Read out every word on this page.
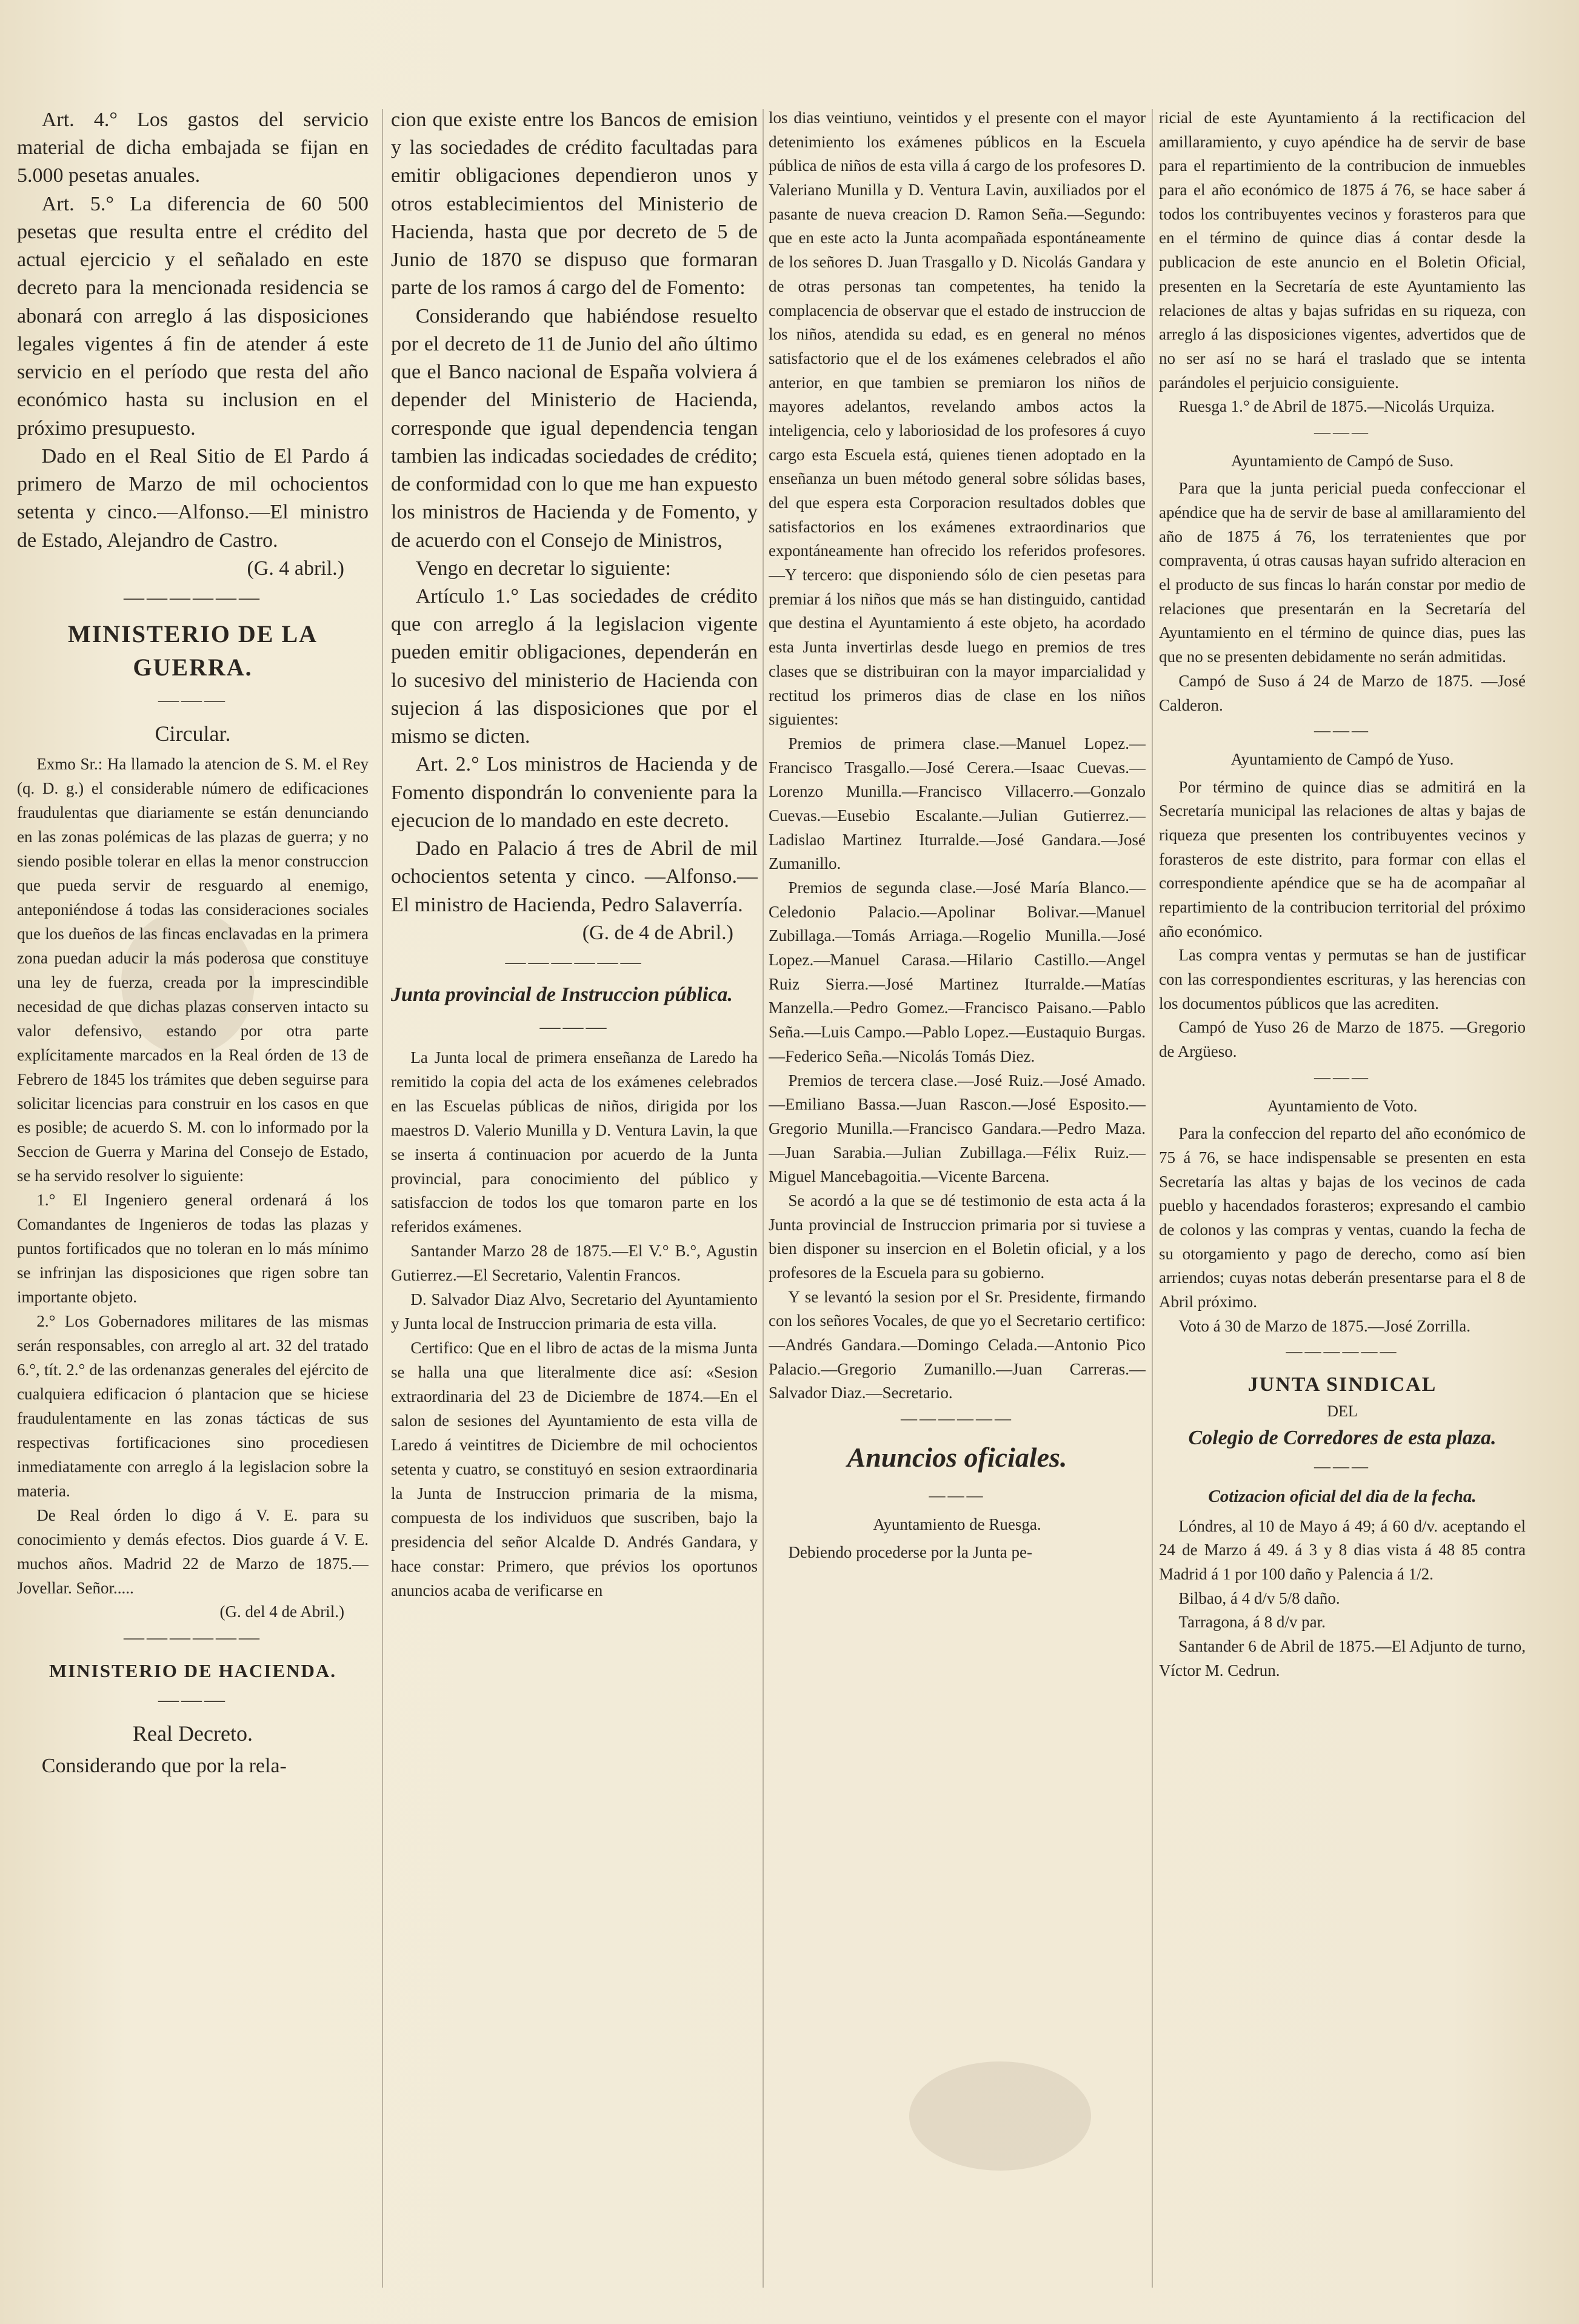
Art. 4.° Los gastos del servicio material de dicha embajada se fijan en 5.000 pesetas anuales.

Art. 5.° La diferencia de 60 500 pesetas que resulta entre el crédito del actual ejercicio y el señalado en este decreto para la mencionada residencia se abonará con arreglo á las disposiciones legales vigentes á fin de atender á este servicio en el período que resta del año económico hasta su inclusion en el próximo presupuesto.

Dado en el Real Sitio de El Pardo á primero de Marzo de mil ochocientos setenta y cinco.—Alfonso.—El ministro de Estado, Alejandro de Castro.

(G. 4 abril.)

——————
MINISTERIO DE LA GUERRA.
———
Circular.

Exmo Sr.: Ha llamado la atencion de S. M. el Rey (q. D. g.) el considerable número de edificaciones fraudulentas que diariamente se están denunciando en las zonas polémicas de las plazas de guerra; y no siendo posible tolerar en ellas la menor construccion que pueda servir de resguardo al enemigo, anteponiéndose á todas las consideraciones sociales que los dueños de las fincas enclavadas en la primera zona puedan aducir la más poderosa que constituye una ley de fuerza, creada por la imprescindible necesidad de que dichas plazas conserven intacto su valor defensivo, estando por otra parte explícitamente marcados en la Real órden de 13 de Febrero de 1845 los trámites que deben seguirse para solicitar licencias para construir en los casos en que es posible; de acuerdo S. M. con lo informado por la Seccion de Guerra y Marina del Consejo de Estado, se ha servido resolver lo siguiente:

1.° El Ingeniero general ordenará á los Comandantes de Ingenieros de todas las plazas y puntos fortificados que no toleran en lo más mínimo se infrinjan las disposiciones que rigen sobre tan importante objeto.

2.° Los Gobernadores militares de las mismas serán responsables, con arreglo al art. 32 del tratado 6.°, tít. 2.° de las ordenanzas generales del ejército de cualquiera edificacion ó plantacion que se hiciese fraudulentamente en las zonas tácticas de sus respectivas fortificaciones sino procediesen inmediatamente con arreglo á la legislacion sobre la materia.

De Real órden lo digo á V. E. para su conocimiento y demás efectos. Dios guarde á V. E. muchos años. Madrid 22 de Marzo de 1875.—Jovellar. Señor.....

(G. del 4 de Abril.)

——————
MINISTERIO DE HACIENDA.
———
Real Decreto.

Considerando que por la rela-

cion que existe entre los Bancos de emision y las sociedades de crédito facultadas para emitir obligaciones dependieron unos y otros establecimientos del Ministerio de Hacienda, hasta que por decreto de 5 de Junio de 1870 se dispuso que formaran parte de los ramos á cargo del de Fomento:

Considerando que habiéndose resuelto por el decreto de 11 de Junio del año último que el Banco nacional de España volviera á depender del Ministerio de Hacienda, corresponde que igual dependencia tengan tambien las indicadas sociedades de crédito; de conformidad con lo que me han expuesto los ministros de Hacienda y de Fomento, y de acuerdo con el Consejo de Ministros,

Vengo en decretar lo siguiente:

Artículo 1.° Las sociedades de crédito que con arreglo á la legislacion vigente pueden emitir obligaciones, dependerán en lo sucesivo del ministerio de Hacienda con sujecion á las disposiciones que por el mismo se dicten.

Art. 2.° Los ministros de Hacienda y de Fomento dispondrán lo conveniente para la ejecucion de lo mandado en este decreto.

Dado en Palacio á tres de Abril de mil ochocientos setenta y cinco. —Alfonso.—El ministro de Hacienda, Pedro Salaverría.

(G. de 4 de Abril.)

——————
Junta provincial de Instruccion pública.
———

La Junta local de primera enseñanza de Laredo ha remitido la copia del acta de los exámenes celebrados en las Escuelas públicas de niños, dirigida por los maestros D. Valerio Munilla y D. Ventura Lavin, la que se inserta á continuacion por acuerdo de la Junta provincial, para conocimiento del público y satisfaccion de todos los que tomaron parte en los referidos exámenes.

Santander Marzo 28 de 1875.—El V.° B.°, Agustin Gutierrez.—El Secretario, Valentin Francos.

D. Salvador Diaz Alvo, Secretario del Ayuntamiento y Junta local de Instruccion primaria de esta villa.

Certifico: Que en el libro de actas de la misma Junta se halla una que literalmente dice así: «Sesion extraordinaria del 23 de Diciembre de 1874.—En el salon de sesiones del Ayuntamiento de esta villa de Laredo á veintitres de Diciembre de mil ochocientos setenta y cuatro, se constituyó en sesion extraordinaria la Junta de Instruccion primaria de la misma, compuesta de los individuos que suscriben, bajo la presidencia del señor Alcalde D. Andrés Gandara, y hace constar: Primero, que prévios los oportunos anuncios acaba de verificarse en

los dias veintiuno, veintidos y el presente con el mayor detenimiento los exámenes públicos en la Escuela pública de niños de esta villa á cargo de los profesores D. Valeriano Munilla y D. Ventura Lavin, auxiliados por el pasante de nueva creacion D. Ramon Seña.—Segundo: que en este acto la Junta acompañada espontáneamente de los señores D. Juan Trasgallo y D. Nicolás Gandara y de otras personas tan competentes, ha tenido la complacencia de observar que el estado de instruccion de los niños, atendida su edad, es en general no ménos satisfactorio que el de los exámenes celebrados el año anterior, en que tambien se premiaron los niños de mayores adelantos, revelando ambos actos la inteligencia, celo y laboriosidad de los profesores á cuyo cargo esta Escuela está, quienes tienen adoptado en la enseñanza un buen método general sobre sólidas bases, del que espera esta Corporacion resultados dobles que satisfactorios en los exámenes extraordinarios que expontáneamente han ofrecido los referidos profesores.—Y tercero: que disponiendo sólo de cien pesetas para premiar á los niños que más se han distinguido, cantidad que destina el Ayuntamiento á este objeto, ha acordado esta Junta invertirlas desde luego en premios de tres clases que se distribuiran con la mayor imparcialidad y rectitud los primeros dias de clase en los niños siguientes:

Premios de primera clase.—Manuel Lopez.—Francisco Trasgallo.—José Cerera.—Isaac Cuevas.—Lorenzo Munilla.—Francisco Villacerro.—Gonzalo Cuevas.—Eusebio Escalante.—Julian Gutierrez.—Ladislao Martinez Iturralde.—José Gandara.—José Zumanillo.

Premios de segunda clase.—José María Blanco.—Celedonio Palacio.—Apolinar Bolivar.—Manuel Zubillaga.—Tomás Arriaga.—Rogelio Munilla.—José Lopez.—Manuel Carasa.—Hilario Castillo.—Angel Ruiz Sierra.—José Martinez Iturralde.—Matías Manzella.—Pedro Gomez.—Francisco Paisano.—Pablo Seña.—Luis Campo.—Pablo Lopez.—Eustaquio Burgas.—Federico Seña.—Nicolás Tomás Diez.

Premios de tercera clase.—José Ruiz.—José Amado.—Emiliano Bassa.—Juan Rascon.—José Esposito.—Gregorio Munilla.—Francisco Gandara.—Pedro Maza.—Juan Sarabia.—Julian Zubillaga.—Félix Ruiz.—Miguel Mancebagoitia.—Vicente Barcena.

Se acordó a la que se dé testimonio de esta acta á la Junta provincial de Instruccion primaria por si tuviese a bien disponer su insercion en el Boletin oficial, y a los profesores de la Escuela para su gobierno.

Y se levantó la sesion por el Sr. Presidente, firmando con los señores Vocales, de que yo el Secretario certifico:—Andrés Gandara.—Domingo Celada.—Antonio Pico Palacio.—Gregorio Zumanillo.—Juan Carreras.—Salvador Diaz.—Secretario.

——————
Anuncios oficiales.
———
Ayuntamiento de Ruesga.

Debiendo procederse por la Junta pe-

ricial de este Ayuntamiento á la rectificacion del amillaramiento, y cuyo apéndice ha de servir de base para el repartimiento de la contribucion de inmuebles para el año económico de 1875 á 76, se hace saber á todos los contribuyentes vecinos y forasteros para que en el término de quince dias á contar desde la publicacion de este anuncio en el Boletin Oficial, presenten en la Secretaría de este Ayuntamiento las relaciones de altas y bajas sufridas en su riqueza, con arreglo á las disposiciones vigentes, advertidos que de no ser así no se hará el traslado que se intenta parándoles el perjuicio consiguiente.

Ruesga 1.° de Abril de 1875.—Nicolás Urquiza.

———
Ayuntamiento de Campó de Suso.

Para que la junta pericial pueda confeccionar el apéndice que ha de servir de base al amillaramiento del año de 1875 á 76, los terratenientes que por compraventa, ú otras causas hayan sufrido alteracion en el producto de sus fincas lo harán constar por medio de relaciones que presentarán en la Secretaría del Ayuntamiento en el término de quince dias, pues las que no se presenten debidamente no serán admitidas.

Campó de Suso á 24 de Marzo de 1875. —José Calderon.

———
Ayuntamiento de Campó de Yuso.

Por término de quince dias se admitirá en la Secretaría municipal las relaciones de altas y bajas de riqueza que presenten los contribuyentes vecinos y forasteros de este distrito, para formar con ellas el correspondiente apéndice que se ha de acompañar al repartimiento de la contribucion territorial del próximo año económico.

Las compra ventas y permutas se han de justificar con las correspondientes escrituras, y las herencias con los documentos públicos que las acrediten.

Campó de Yuso 26 de Marzo de 1875. —Gregorio de Argüeso.

———
Ayuntamiento de Voto.

Para la confeccion del reparto del año económico de 75 á 76, se hace indispensable se presenten en esta Secretaría las altas y bajas de los vecinos de cada pueblo y hacendados forasteros; expresando el cambio de colonos y las compras y ventas, cuando la fecha de su otorgamiento y pago de derecho, como así bien arriendos; cuyas notas deberán presentarse para el 8 de Abril próximo.

Voto á 30 de Marzo de 1875.—José Zorrilla.

——————
JUNTA SINDICAL
DEL
Colegio de Corredores de esta plaza.
———
Cotizacion oficial del dia de la fecha.

Lóndres, al 10 de Mayo á 49; á 60 d/v. aceptando el 24 de Marzo á 49. á 3 y 8 dias vista á 48 85 contra Madrid á 1 por 100 daño y Palencia á 1/2.

Bilbao, á 4 d/v 5/8 daño.

Tarragona, á 8 d/v par.

Santander 6 de Abril de 1875.—El Adjunto de turno, Víctor M. Cedrun.
